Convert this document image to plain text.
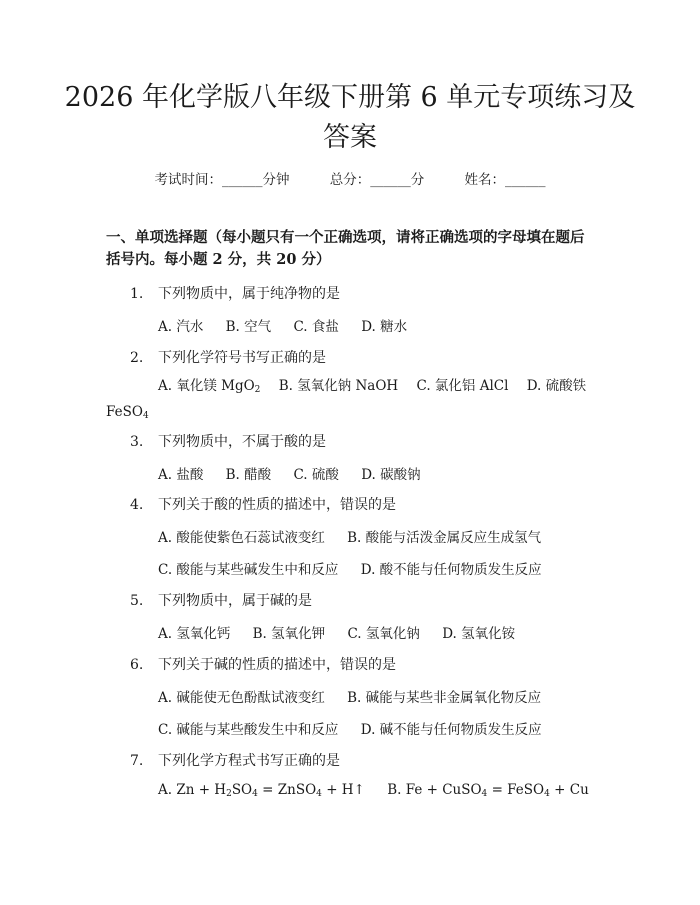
2026 年化学版八年级下册第 6 单元专项练习及答案
考试时间：______分钟	总分：______分	姓名：______

一、单项选择题（每小题只有一个正确选项，请将正确选项的字母填在题后括号内。每小题 2 分，共 20 分）

1. 下列物质中，属于纯净物的是
A. 汽水 B. 空气 C. 食盐 D. 糖水
2. 下列化学符号书写正确的是
A. 氧化镁 MgO$_2$ B. 氢氧化钠 NaOH C. 氯化铝 AlCl D. 硫酸铁 FeSO$_4$
3. 下列物质中，不属于酸的是
A. 盐酸 B. 醋酸 C. 硫酸 D. 碳酸钠
4. 下列关于酸的性质的描述中，错误的是
A. 酸能使紫色石蕊试液变红 B. 酸能与活泼金属反应生成氢气
C. 酸能与某些碱发生中和反应 D. 酸不能与任何物质发生反应
5. 下列物质中，属于碱的是
A. 氢氧化钙 B. 氢氧化钾 C. 氢氧化钠 D. 氢氧化铵
6. 下列关于碱的性质的描述中，错误的是
A. 碱能使无色酚酞试液变红 B. 碱能与某些非金属氧化物反应
C. 碱能与某些酸发生中和反应 D. 碱不能与任何物质发生反应
7. 下列化学方程式书写正确的是
A. $Zn + H_2SO_4$ = ZnSO$_4$ + H↑ B. Fe + CuSO$_4$ = FeSO$_4$ + Cu
